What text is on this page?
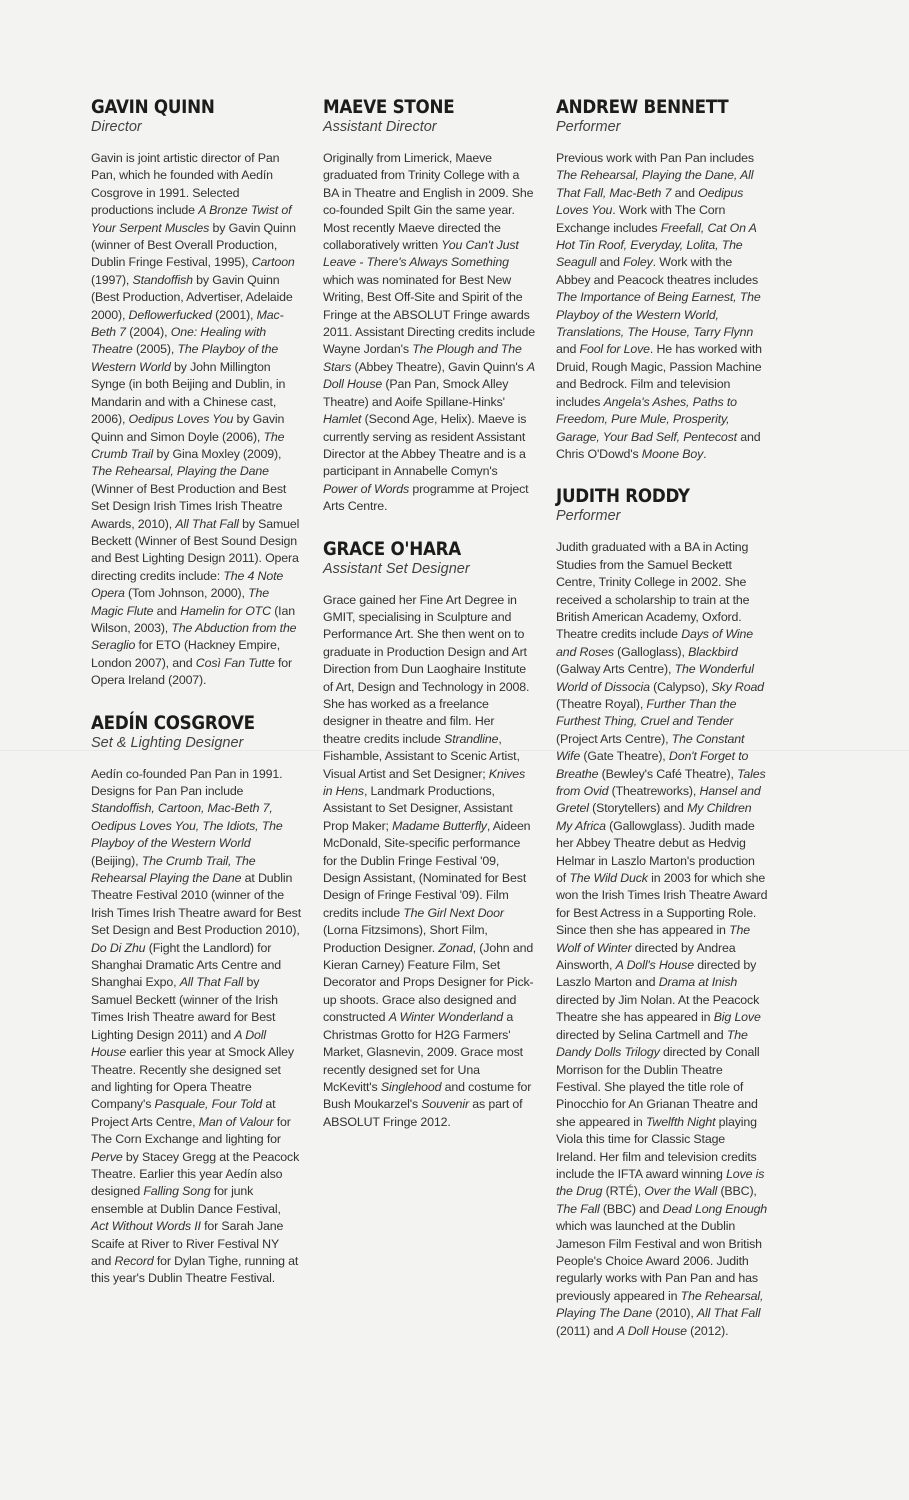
GAVIN QUINN
Director
Gavin is joint artistic director of Pan Pan, which he founded with Aedín Cosgrove in 1991. Selected productions include A Bronze Twist of Your Serpent Muscles by Gavin Quinn (winner of Best Overall Production, Dublin Fringe Festival, 1995), Cartoon (1997), Standoffish by Gavin Quinn (Best Production, Advertiser, Adelaide 2000), Deflowerfucked (2001), Mac-Beth 7 (2004), One: Healing with Theatre (2005), The Playboy of the Western World by John Millington Synge (in both Beijing and Dublin, in Mandarin and with a Chinese cast, 2006), Oedipus Loves You by Gavin Quinn and Simon Doyle (2006), The Crumb Trail by Gina Moxley (2009), The Rehearsal, Playing the Dane (Winner of Best Production and Best Set Design Irish Times Irish Theatre Awards, 2010), All That Fall by Samuel Beckett (Winner of Best Sound Design and Best Lighting Design 2011). Opera directing credits include: The 4 Note Opera (Tom Johnson, 2000), The Magic Flute and Hamelin for OTC (Ian Wilson, 2003), The Abduction from the Seraglio for ETO (Hackney Empire, London 2007), and Così Fan Tutte for Opera Ireland (2007).
AEDÍN COSGROVE
Set & Lighting Designer
Aedín co-founded Pan Pan in 1991. Designs for Pan Pan include Standoffish, Cartoon, Mac-Beth 7, Oedipus Loves You, The Idiots, The Playboy of the Western World (Beijing), The Crumb Trail, The Rehearsal Playing the Dane at Dublin Theatre Festival 2010 (winner of the Irish Times Irish Theatre award for Best Set Design and Best Production 2010), Do Di Zhu (Fight the Landlord) for Shanghai Dramatic Arts Centre and Shanghai Expo, All That Fall by Samuel Beckett (winner of the Irish Times Irish Theatre award for Best Lighting Design 2011) and A Doll House earlier this year at Smock Alley Theatre. Recently she designed set and lighting for Opera Theatre Company's Pasquale, Four Told at Project Arts Centre, Man of Valour for The Corn Exchange and lighting for Perve by Stacey Gregg at the Peacock Theatre. Earlier this year Aedín also designed Falling Song for junk ensemble at Dublin Dance Festival, Act Without Words II for Sarah Jane Scaife at River to River Festival NY and Record for Dylan Tighe, running at this year's Dublin Theatre Festival.
MAEVE STONE
Assistant Director
Originally from Limerick, Maeve graduated from Trinity College with a BA in Theatre and English in 2009. She co-founded Spilt Gin the same year. Most recently Maeve directed the collaboratively written You Can't Just Leave - There's Always Something which was nominated for Best New Writing, Best Off-Site and Spirit of the Fringe at the ABSOLUT Fringe awards 2011. Assistant Directing credits include Wayne Jordan's The Plough and The Stars (Abbey Theatre), Gavin Quinn's A Doll House (Pan Pan, Smock Alley Theatre) and Aoife Spillane-Hinks' Hamlet (Second Age, Helix). Maeve is currently serving as resident Assistant Director at the Abbey Theatre and is a participant in Annabelle Comyn's Power of Words programme at Project Arts Centre.
GRACE O'HARA
Assistant Set Designer
Grace gained her Fine Art Degree in GMIT, specialising in Sculpture and Performance Art. She then went on to graduate in Production Design and Art Direction from Dun Laoghaire Institute of Art, Design and Technology in 2008. She has worked as a freelance designer in theatre and film. Her theatre credits include Strandline, Fishamble, Assistant to Scenic Artist, Visual Artist and Set Designer; Knives in Hens, Landmark Productions, Assistant to Set Designer, Assistant Prop Maker; Madame Butterfly, Aideen McDonald, Site-specific performance for the Dublin Fringe Festival '09, Design Assistant, (Nominated for Best Design of Fringe Festival '09). Film credits include The Girl Next Door (Lorna Fitzsimons), Short Film, Production Designer. Zonad, (John and Kieran Carney) Feature Film, Set Decorator and Props Designer for Pick-up shoots. Grace also designed and constructed A Winter Wonderland a Christmas Grotto for H2G Farmers' Market, Glasnevin, 2009. Grace most recently designed set for Una McKevitt's Singlehood and costume for Bush Moukarzel's Souvenir as part of ABSOLUT Fringe 2012.
ANDREW BENNETT
Performer
Previous work with Pan Pan includes The Rehearsal, Playing the Dane, All That Fall, Mac-Beth 7 and Oedipus Loves You. Work with The Corn Exchange includes Freefall, Cat On A Hot Tin Roof, Everyday, Lolita, The Seagull and Foley. Work with the Abbey and Peacock theatres includes The Importance of Being Earnest, The Playboy of the Western World, Translations, The House, Tarry Flynn and Fool for Love. He has worked with Druid, Rough Magic, Passion Machine and Bedrock. Film and television includes Angela's Ashes, Paths to Freedom, Pure Mule, Prosperity, Garage, Your Bad Self, Pentecost and Chris O'Dowd's Moone Boy.
JUDITH RODDY
Performer
Judith graduated with a BA in Acting Studies from the Samuel Beckett Centre, Trinity College in 2002. She received a scholarship to train at the British American Academy, Oxford. Theatre credits include Days of Wine and Roses (Galloglass), Blackbird (Galway Arts Centre), The Wonderful World of Dissocia (Calypso), Sky Road (Theatre Royal), Further Than the Furthest Thing, Cruel and Tender (Project Arts Centre), The Constant Wife (Gate Theatre), Don't Forget to Breathe (Bewley's Café Theatre), Tales from Ovid (Theatreworks), Hansel and Gretel (Storytellers) and My Children My Africa (Gallowglass). Judith made her Abbey Theatre debut as Hedvig Helmar in Laszlo Marton's production of The Wild Duck in 2003 for which she won the Irish Times Irish Theatre Award for Best Actress in a Supporting Role. Since then she has appeared in The Wolf of Winter directed by Andrea Ainsworth, A Doll's House directed by Laszlo Marton and Drama at Inish directed by Jim Nolan. At the Peacock Theatre she has appeared in Big Love directed by Selina Cartmell and The Dandy Dolls Trilogy directed by Conall Morrison for the Dublin Theatre Festival. She played the title role of Pinocchio for An Grianan Theatre and she appeared in Twelfth Night playing Viola this time for Classic Stage Ireland. Her film and television credits include the IFTA award winning Love is the Drug (RTÉ), Over the Wall (BBC), The Fall (BBC) and Dead Long Enough which was launched at the Dublin Jameson Film Festival and won British People's Choice Award 2006. Judith regularly works with Pan Pan and has previously appeared in The Rehearsal, Playing The Dane (2010), All That Fall (2011) and A Doll House (2012).
